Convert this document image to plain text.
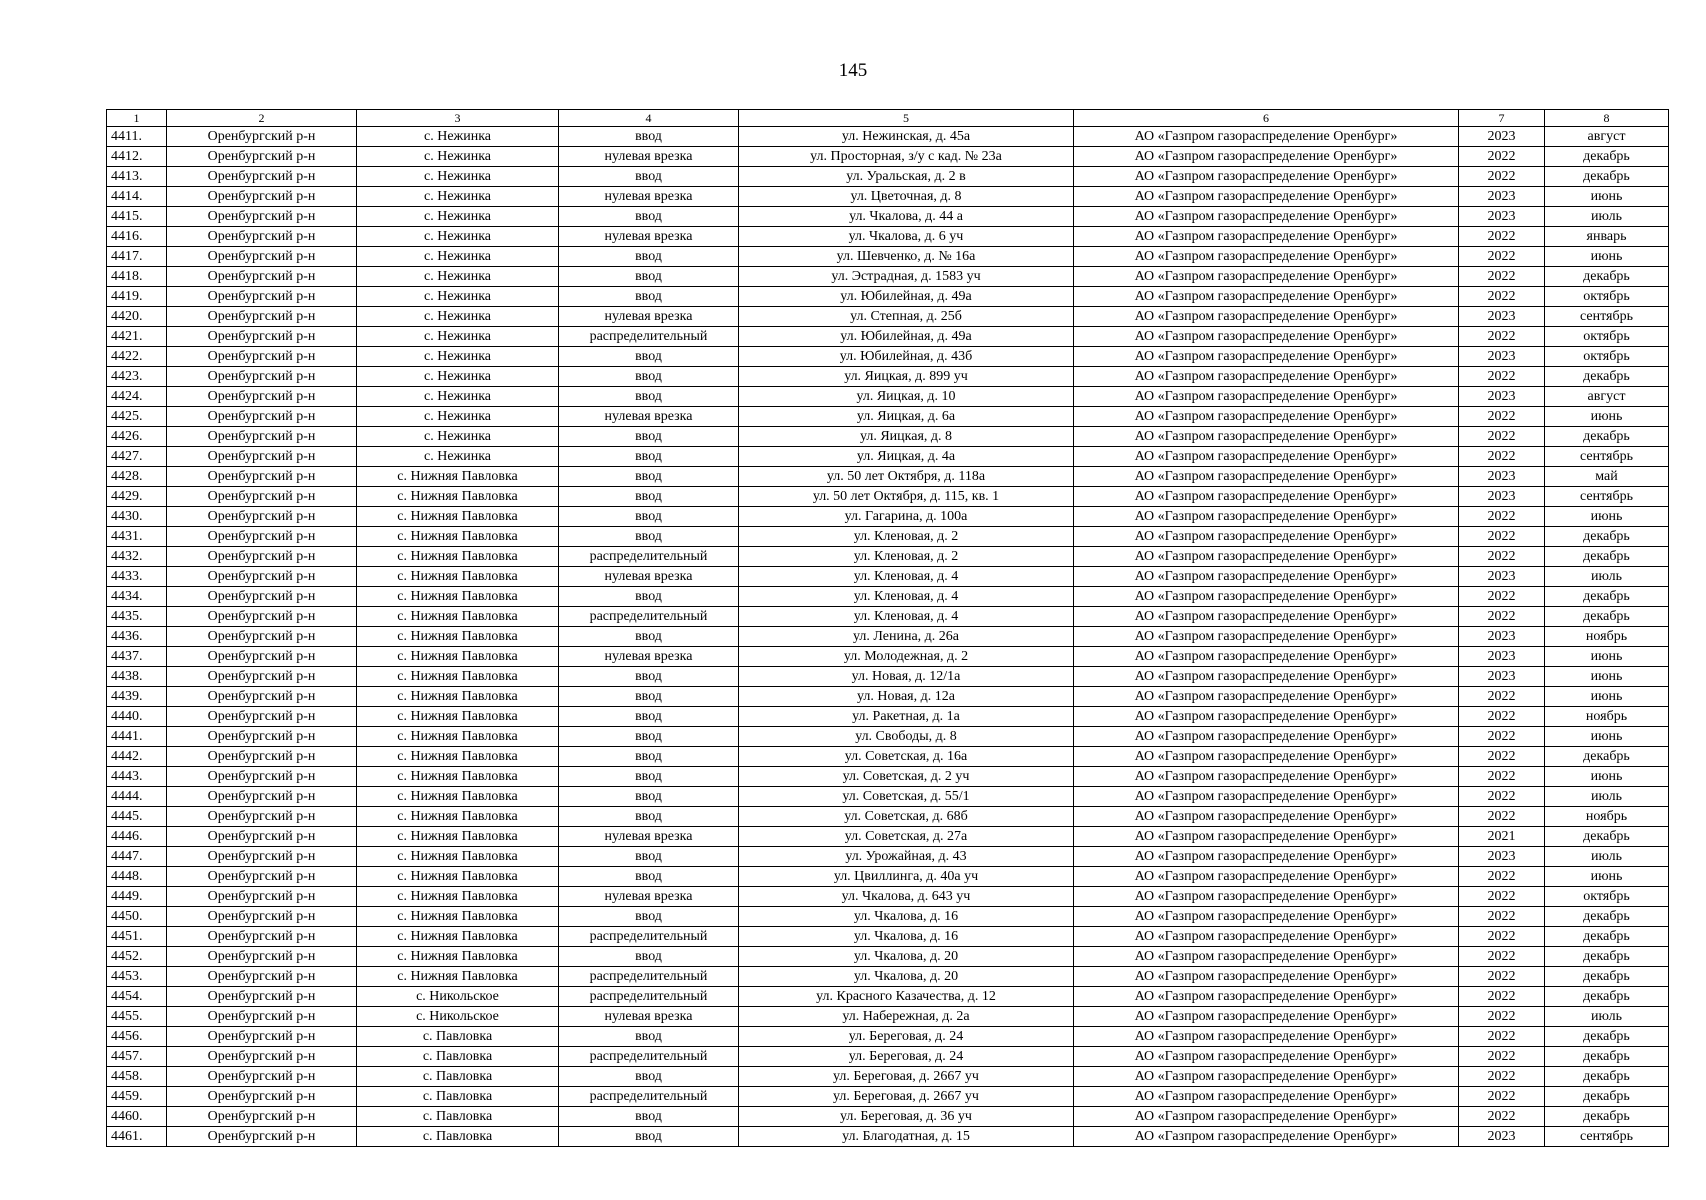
145
1	2	3	4	5	6	7	8
4411.	Оренбургский р-н	с. Нежинка	ввод	ул. Нежинская, д. 45а	АО «Газпром газораспределение Оренбург»	2023	август
4412.	Оренбургский р-н	с. Нежинка	нулевая врезка	ул. Просторная, з/у с кад. № 23а	АО «Газпром газораспределение Оренбург»	2022	декабрь
4413.	Оренбургский р-н	с. Нежинка	ввод	ул. Уральская, д. 2 в	АО «Газпром газораспределение Оренбург»	2022	декабрь
4414.	Оренбургский р-н	с. Нежинка	нулевая врезка	ул. Цветочная, д. 8	АО «Газпром газораспределение Оренбург»	2023	июнь
4415.	Оренбургский р-н	с. Нежинка	ввод	ул. Чкалова, д. 44 а	АО «Газпром газораспределение Оренбург»	2023	июль
4416.	Оренбургский р-н	с. Нежинка	нулевая врезка	ул. Чкалова, д. 6 уч	АО «Газпром газораспределение Оренбург»	2022	январь
4417.	Оренбургский р-н	с. Нежинка	ввод	ул. Шевченко, д. № 16а	АО «Газпром газораспределение Оренбург»	2022	июнь
4418.	Оренбургский р-н	с. Нежинка	ввод	ул. Эстрадная, д. 1583 уч	АО «Газпром газораспределение Оренбург»	2022	декабрь
4419.	Оренбургский р-н	с. Нежинка	ввод	ул. Юбилейная, д. 49а	АО «Газпром газораспределение Оренбург»	2022	октябрь
4420.	Оренбургский р-н	с. Нежинка	нулевая врезка	ул. Степная, д. 25б	АО «Газпром газораспределение Оренбург»	2023	сентябрь
4421.	Оренбургский р-н	с. Нежинка	распределительный	ул. Юбилейная, д. 49а	АО «Газпром газораспределение Оренбург»	2022	октябрь
4422.	Оренбургский р-н	с. Нежинка	ввод	ул. Юбилейная, д. 43б	АО «Газпром газораспределение Оренбург»	2023	октябрь
4423.	Оренбургский р-н	с. Нежинка	ввод	ул. Яицкая, д. 899 уч	АО «Газпром газораспределение Оренбург»	2022	декабрь
4424.	Оренбургский р-н	с. Нежинка	ввод	ул. Яицкая, д. 10	АО «Газпром газораспределение Оренбург»	2023	август
4425.	Оренбургский р-н	с. Нежинка	нулевая врезка	ул. Яицкая, д. 6а	АО «Газпром газораспределение Оренбург»	2022	июнь
4426.	Оренбургский р-н	с. Нежинка	ввод	ул. Яицкая, д. 8	АО «Газпром газораспределение Оренбург»	2022	декабрь
4427.	Оренбургский р-н	с. Нежинка	ввод	ул. Яицкая, д. 4а	АО «Газпром газораспределение Оренбург»	2022	сентябрь
4428.	Оренбургский р-н	с. Нижняя Павловка	ввод	ул. 50 лет Октября, д. 118а	АО «Газпром газораспределение Оренбург»	2023	май
4429.	Оренбургский р-н	с. Нижняя Павловка	ввод	ул. 50 лет Октября, д. 115, кв. 1	АО «Газпром газораспределение Оренбург»	2023	сентябрь
4430.	Оренбургский р-н	с. Нижняя Павловка	ввод	ул. Гагарина, д. 100а	АО «Газпром газораспределение Оренбург»	2022	июнь
4431.	Оренбургский р-н	с. Нижняя Павловка	ввод	ул. Кленовая, д. 2	АО «Газпром газораспределение Оренбург»	2022	декабрь
4432.	Оренбургский р-н	с. Нижняя Павловка	распределительный	ул. Кленовая, д. 2	АО «Газпром газораспределение Оренбург»	2022	декабрь
4433.	Оренбургский р-н	с. Нижняя Павловка	нулевая врезка	ул. Кленовая, д. 4	АО «Газпром газораспределение Оренбург»	2023	июль
4434.	Оренбургский р-н	с. Нижняя Павловка	ввод	ул. Кленовая, д. 4	АО «Газпром газораспределение Оренбург»	2022	декабрь
4435.	Оренбургский р-н	с. Нижняя Павловка	распределительный	ул. Кленовая, д. 4	АО «Газпром газораспределение Оренбург»	2022	декабрь
4436.	Оренбургский р-н	с. Нижняя Павловка	ввод	ул. Ленина, д. 26а	АО «Газпром газораспределение Оренбург»	2023	ноябрь
4437.	Оренбургский р-н	с. Нижняя Павловка	нулевая врезка	ул. Молодежная, д. 2	АО «Газпром газораспределение Оренбург»	2023	июнь
4438.	Оренбургский р-н	с. Нижняя Павловка	ввод	ул. Новая, д. 12/1а	АО «Газпром газораспределение Оренбург»	2023	июнь
4439.	Оренбургский р-н	с. Нижняя Павловка	ввод	ул. Новая, д. 12а	АО «Газпром газораспределение Оренбург»	2022	июнь
4440.	Оренбургский р-н	с. Нижняя Павловка	ввод	ул. Ракетная, д. 1а	АО «Газпром газораспределение Оренбург»	2022	ноябрь
4441.	Оренбургский р-н	с. Нижняя Павловка	ввод	ул. Свободы, д. 8	АО «Газпром газораспределение Оренбург»	2022	июнь
4442.	Оренбургский р-н	с. Нижняя Павловка	ввод	ул. Советская, д. 16а	АО «Газпром газораспределение Оренбург»	2022	декабрь
4443.	Оренбургский р-н	с. Нижняя Павловка	ввод	ул. Советская, д. 2 уч	АО «Газпром газораспределение Оренбург»	2022	июнь
4444.	Оренбургский р-н	с. Нижняя Павловка	ввод	ул. Советская, д. 55/1	АО «Газпром газораспределение Оренбург»	2022	июль
4445.	Оренбургский р-н	с. Нижняя Павловка	ввод	ул. Советская, д. 68б	АО «Газпром газораспределение Оренбург»	2022	ноябрь
4446.	Оренбургский р-н	с. Нижняя Павловка	нулевая врезка	ул. Советская, д. 27а	АО «Газпром газораспределение Оренбург»	2021	декабрь
4447.	Оренбургский р-н	с. Нижняя Павловка	ввод	ул. Урожайная, д. 43	АО «Газпром газораспределение Оренбург»	2023	июль
4448.	Оренбургский р-н	с. Нижняя Павловка	ввод	ул. Цвиллинга, д. 40а уч	АО «Газпром газораспределение Оренбург»	2022	июнь
4449.	Оренбургский р-н	с. Нижняя Павловка	нулевая врезка	ул. Чкалова, д. 643 уч	АО «Газпром газораспределение Оренбург»	2022	октябрь
4450.	Оренбургский р-н	с. Нижняя Павловка	ввод	ул. Чкалова, д. 16	АО «Газпром газораспределение Оренбург»	2022	декабрь
4451.	Оренбургский р-н	с. Нижняя Павловка	распределительный	ул. Чкалова, д. 16	АО «Газпром газораспределение Оренбург»	2022	декабрь
4452.	Оренбургский р-н	с. Нижняя Павловка	ввод	ул. Чкалова, д. 20	АО «Газпром газораспределение Оренбург»	2022	декабрь
4453.	Оренбургский р-н	с. Нижняя Павловка	распределительный	ул. Чкалова, д. 20	АО «Газпром газораспределение Оренбург»	2022	декабрь
4454.	Оренбургский р-н	с. Никольское	распределительный	ул. Красного Казачества, д. 12	АО «Газпром газораспределение Оренбург»	2022	декабрь
4455.	Оренбургский р-н	с. Никольское	нулевая врезка	ул. Набережная, д. 2а	АО «Газпром газораспределение Оренбург»	2022	июль
4456.	Оренбургский р-н	с. Павловка	ввод	ул. Береговая, д. 24	АО «Газпром газораспределение Оренбург»	2022	декабрь
4457.	Оренбургский р-н	с. Павловка	распределительный	ул. Береговая, д. 24	АО «Газпром газораспределение Оренбург»	2022	декабрь
4458.	Оренбургский р-н	с. Павловка	ввод	ул. Береговая, д. 2667 уч	АО «Газпром газораспределение Оренбург»	2022	декабрь
4459.	Оренбургский р-н	с. Павловка	распределительный	ул. Береговая, д. 2667 уч	АО «Газпром газораспределение Оренбург»	2022	декабрь
4460.	Оренбургский р-н	с. Павловка	ввод	ул. Береговая, д. 36 уч	АО «Газпром газораспределение Оренбург»	2022	декабрь
4461.	Оренбургский р-н	с. Павловка	ввод	ул. Благодатная, д. 15	АО «Газпром газораспределение Оренбург»	2023	сентябрь
